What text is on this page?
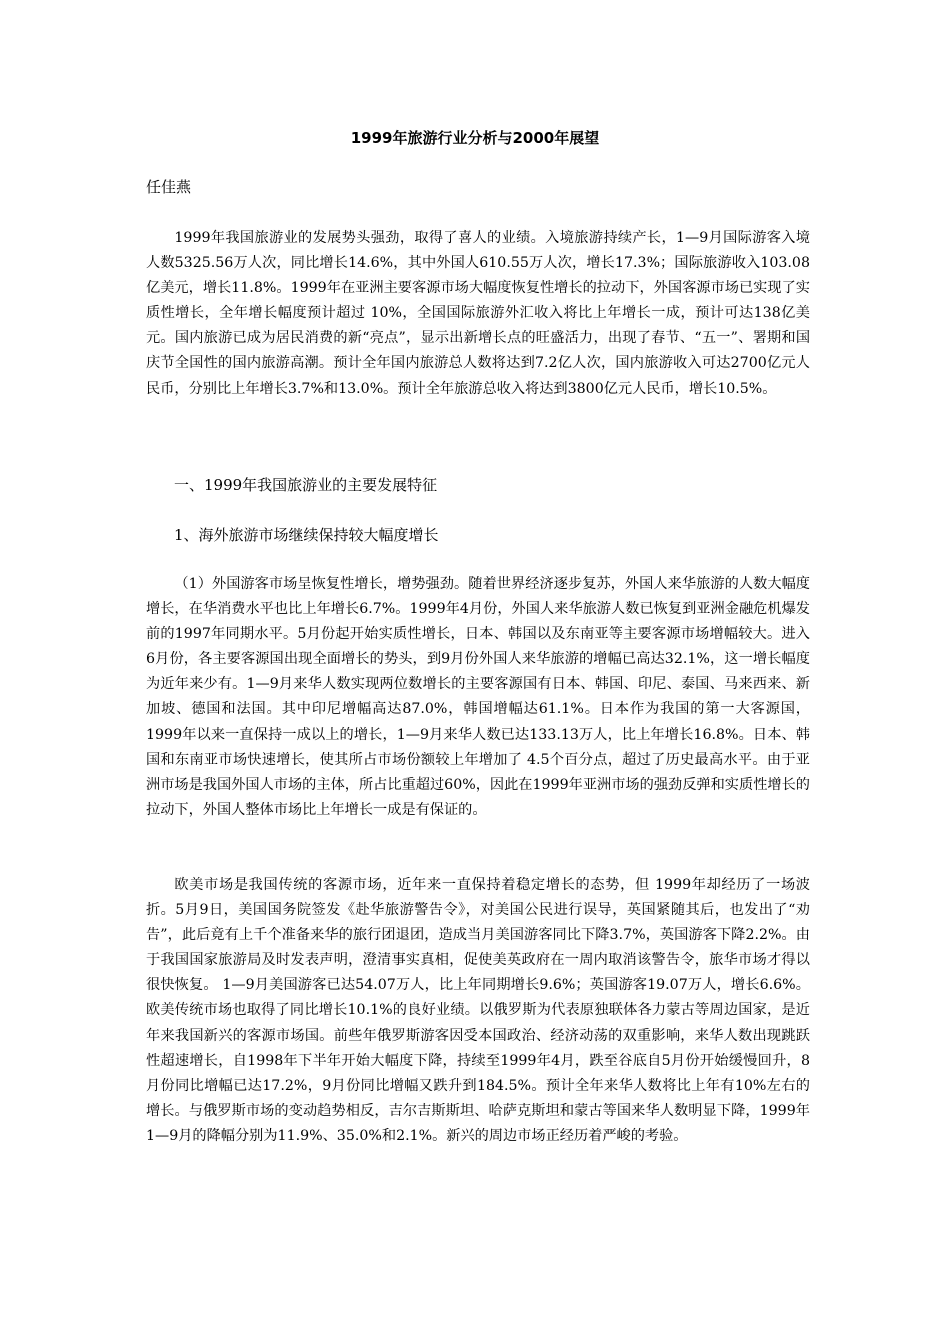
1999年旅游行业分析与2000年展望
任佳燕

1999年我国旅游业的发展势头强劲，取得了喜人的业绩。入境旅游持续产长，1—9月国际游客入境人数5325.56万人次，同比增长14.6%，其中外国人610.55万人次，增长17.3%；国际旅游收入103.08亿美元，增长11.8%。1999年在亚洲主要客源市场大幅度恢复性增长的拉动下，外国客源市场已实现了实质性增长，全年增长幅度预计超过 10%，全国国际旅游外汇收入将比上年增长一成，预计可达138亿美元。国内旅游已成为居民消费的新“亮点”，显示出新增长点的旺盛活力，出现了春节、“五一”、署期和国庆节全国性的国内旅游高潮。预计全年国内旅游总人数将达到7.2亿人次，国内旅游收入可达2700亿元人民币，分别比上年增长3.7%和13.0%。预计全年旅游总收入将达到3800亿元人民币，增长10.5%。

一、1999年我国旅游业的主要发展特征
1、海外旅游市场继续保持较大幅度增长

（1）外国游客市场呈恢复性增长，增势强劲。随着世界经济逐步复苏，外国人来华旅游的人数大幅度增长，在华消费水平也比上年增长6.7%。1999年4月份，外国人来华旅游人数已恢复到亚洲金融危机爆发前的1997年同期水平。5月份起开始实质性增长，日本、韩国以及东南亚等主要客源市场增幅较大。进入6月份，各主要客源国出现全面增长的势头，到9月份外国人来华旅游的增幅已高达32.1%，这一增长幅度为近年来少有。1—9月来华人数实现两位数增长的主要客源国有日本、韩国、印尼、泰国、马来西来、新加坡、德国和法国。其中印尼增幅高达87.0%，韩国增幅达61.1%。日本作为我国的第一大客源国，1999年以来一直保持一成以上的增长，1—9月来华人数已达133.13万人，比上年增长16.8%。日本、韩国和东南亚市场快速增长，使其所占市场份额较上年增加了 4.5个百分点，超过了历史最高水平。由于亚洲市场是我国外国人市场的主体，所占比重超过60%，因此在1999年亚洲市场的强劲反弹和实质性增长的拉动下，外国人整体市场比上年增长一成是有保证的。

欧美市场是我国传统的客源市场，近年来一直保持着稳定增长的态势，但 1999年却经历了一场波折。5月9日，美国国务院签发《赴华旅游警告令》，对美国公民进行误导，英国紧随其后，也发出了“劝告”，此后竟有上千个准备来华的旅行团退团，造成当月美国游客同比下降3.7%，英国游客下降2.2%。由于我国国家旅游局及时发表声明，澄清事实真相，促使美英政府在一周内取消该警告令，旅华市场才得以很快恢复。 1—9月美国游客已达54.07万人，比上年同期增长9.6%；英国游客19.07万人，增长6.6%。欧美传统市场也取得了同比增长10.1%的良好业绩。以俄罗斯为代表原独联体各力蒙古等周边国家，是近年来我国新兴的客源市场国。前些年俄罗斯游客因受本国政治、经济动荡的双重影响，来华人数出现跳跃性超速增长，自1998年下半年开始大幅度下降，持续至1999年4月，跌至谷底自5月份开始缓慢回升，8月份同比增幅已达17.2%，9月份同比增幅又跌升到184.5%。预计全年来华人数将比上年有10%左右的增长。与俄罗斯市场的变动趋势相反，吉尔吉斯斯坦、哈萨克斯坦和蒙古等国来华人数明显下降，1999年1—9月的降幅分别为11.9%、35.0%和2.1%。新兴的周边市场正经历着严峻的考验。
